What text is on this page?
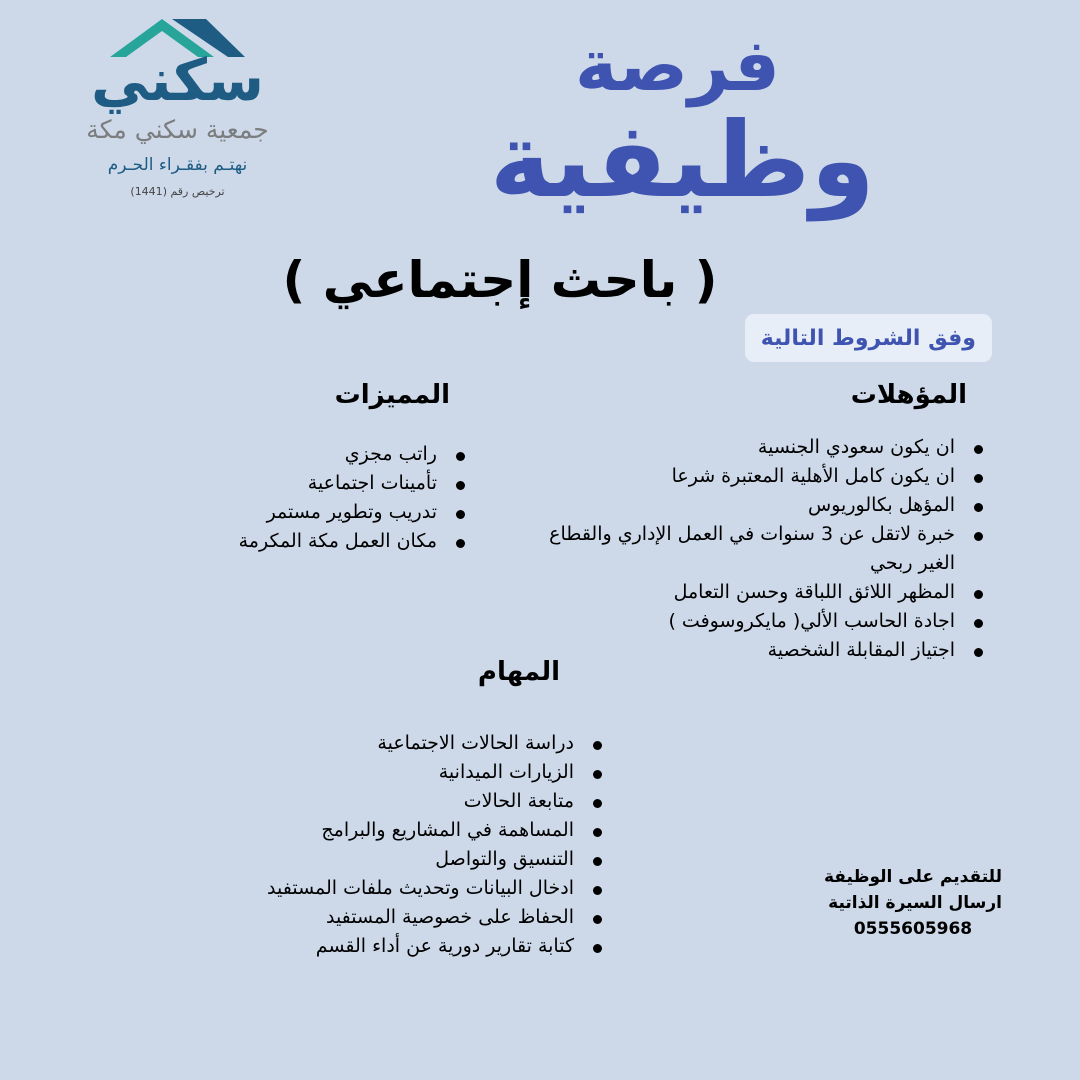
سكني
جمعية سكني مكة
نهتـم بفقـراء الحـرم
ترخيص رقم (1441)
فرصة
وظيفية
( باحث إجتماعي )
وفق الشروط التالية
المؤهلات
ان يكون سعودي الجنسية
ان يكون كامل الأهلية المعتبرة شرعا
المؤهل بكالوريوس
خبرة لاتقل عن 3 سنوات في العمل الإداري والقطاع الغير ربحي
المظهر اللائق اللباقة وحسن التعامل
اجادة الحاسب الألي( مايكروسوفت )
اجتياز المقابلة الشخصية
المميزات
راتب مجزي
تأمينات اجتماعية
تدريب وتطوير مستمر
مكان العمل مكة المكرمة
المهام
دراسة الحالات الاجتماعية
الزيارات الميدانية
متابعة الحالات
المساهمة في المشاريع والبرامج
التنسيق والتواصل
ادخال البيانات وتحديث ملفات المستفيد
الحفاظ على خصوصية المستفيد
كتابة تقارير دورية عن أداء القسم
للتقديم على الوظيفة
ارسال السيرة الذاتية
0555605968
